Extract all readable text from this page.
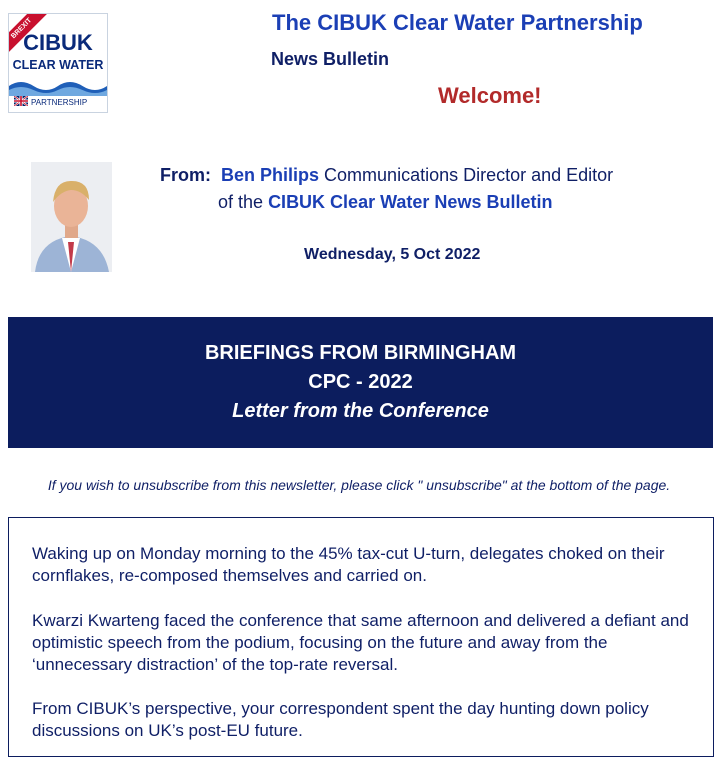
BREXIT
CIBUK
CLEAR WATER
PARTNERSHIP
The CIBUK Clear Water Partnership
News Bulletin
Welcome!
From: Ben Philips Communications Director and Editor
of the CIBUK Clear Water News Bulletin
Wednesday, 5 Oct 2022
BRIEFINGS FROM BIRMINGHAM
CPC - 2022
Letter from the Conference
If you wish to unsubscribe from this newsletter, please click " unsubscribe" at the bottom of the page.

Waking up on Monday morning to the 45% tax-cut U-turn, delegates choked on their cornflakes, re-composed themselves and carried on.

Kwarzi Kwarteng faced the conference that same afternoon and delivered a defiant and optimistic speech from the podium, focusing on the future and away from the ‘unnecessary distraction’ of the top-rate reversal.

From CIBUK’s perspective, your correspondent spent the day hunting down policy discussions on UK’s post-EU future.
